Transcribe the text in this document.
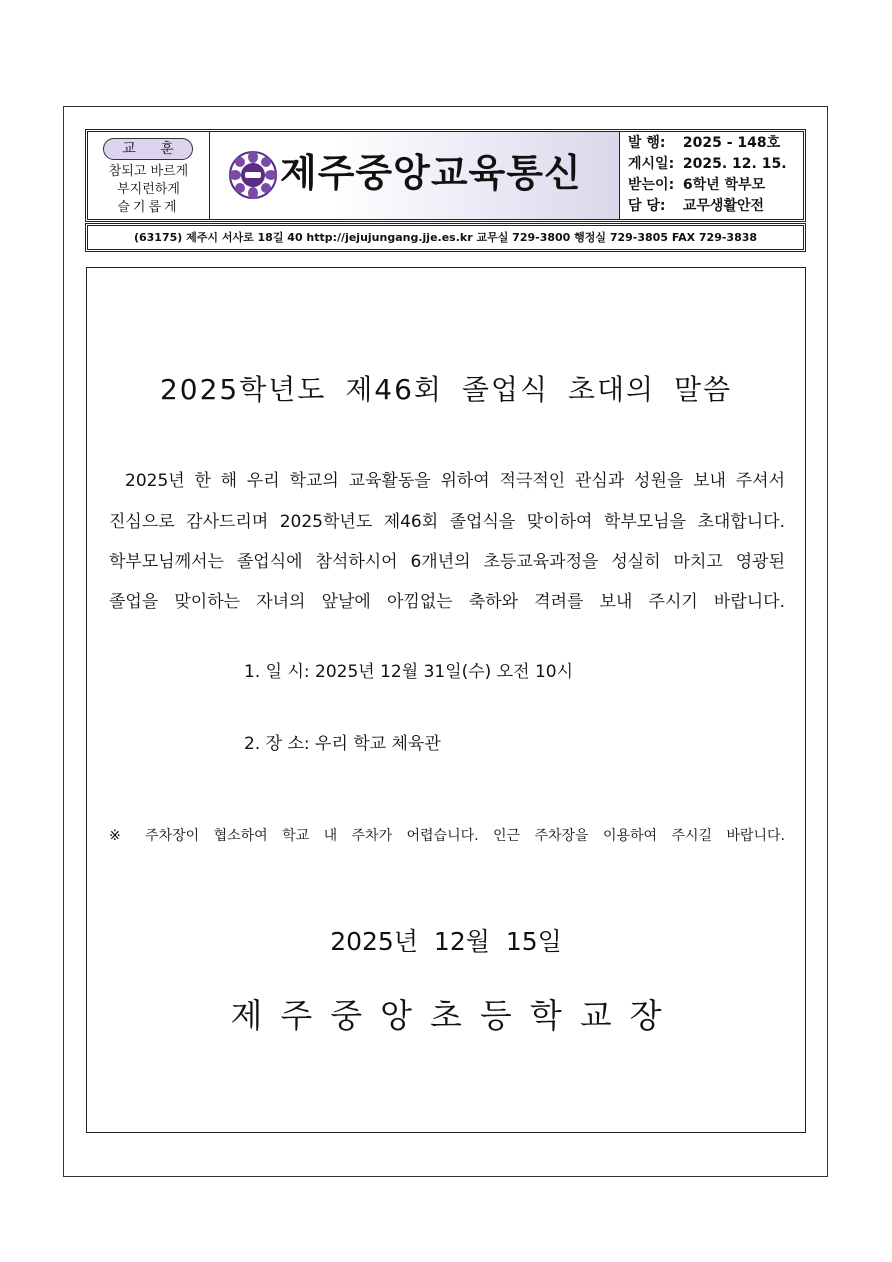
교 훈
참되고 바르게
부지런하게
슬기롭게
제주중앙교육통신
발 행: 2025 - 148호
게시일: 2025. 12. 15.
받는이: 6학년 학부모
담 당: 교무생활안전
(63175) 제주시 서사로 18길 40 http://jejujungang.jje.es.kr 교무실 729-3800 행정실 729-3805 FAX 729-3838
2025학년도 제46회 졸업식 초대의 말씀
2025년 한 해 우리 학교의 교육활동을 위하여 적극적인 관심과 성원을 보내 주셔서
진심으로 감사드리며 2025학년도 제46회 졸업식을 맞이하여 학부모님을 초대합니다.
학부모님께서는 졸업식에 참석하시어 6개년의 초등교육과정을 성실히 마치고 영광된
졸업을 맞이하는 자녀의 앞날에 아낌없는 축하와 격려를 보내 주시기 바랍니다.
1. 일 시: 2025년 12월 31일(수) 오전 10시
2. 장 소: 우리 학교 체육관
※ 주차장이 협소하여 학교 내 주차가 어렵습니다. 인근 주차장을 이용하여 주시길 바랍니다.
2025년 12월 15일
제주중앙초등학교장
